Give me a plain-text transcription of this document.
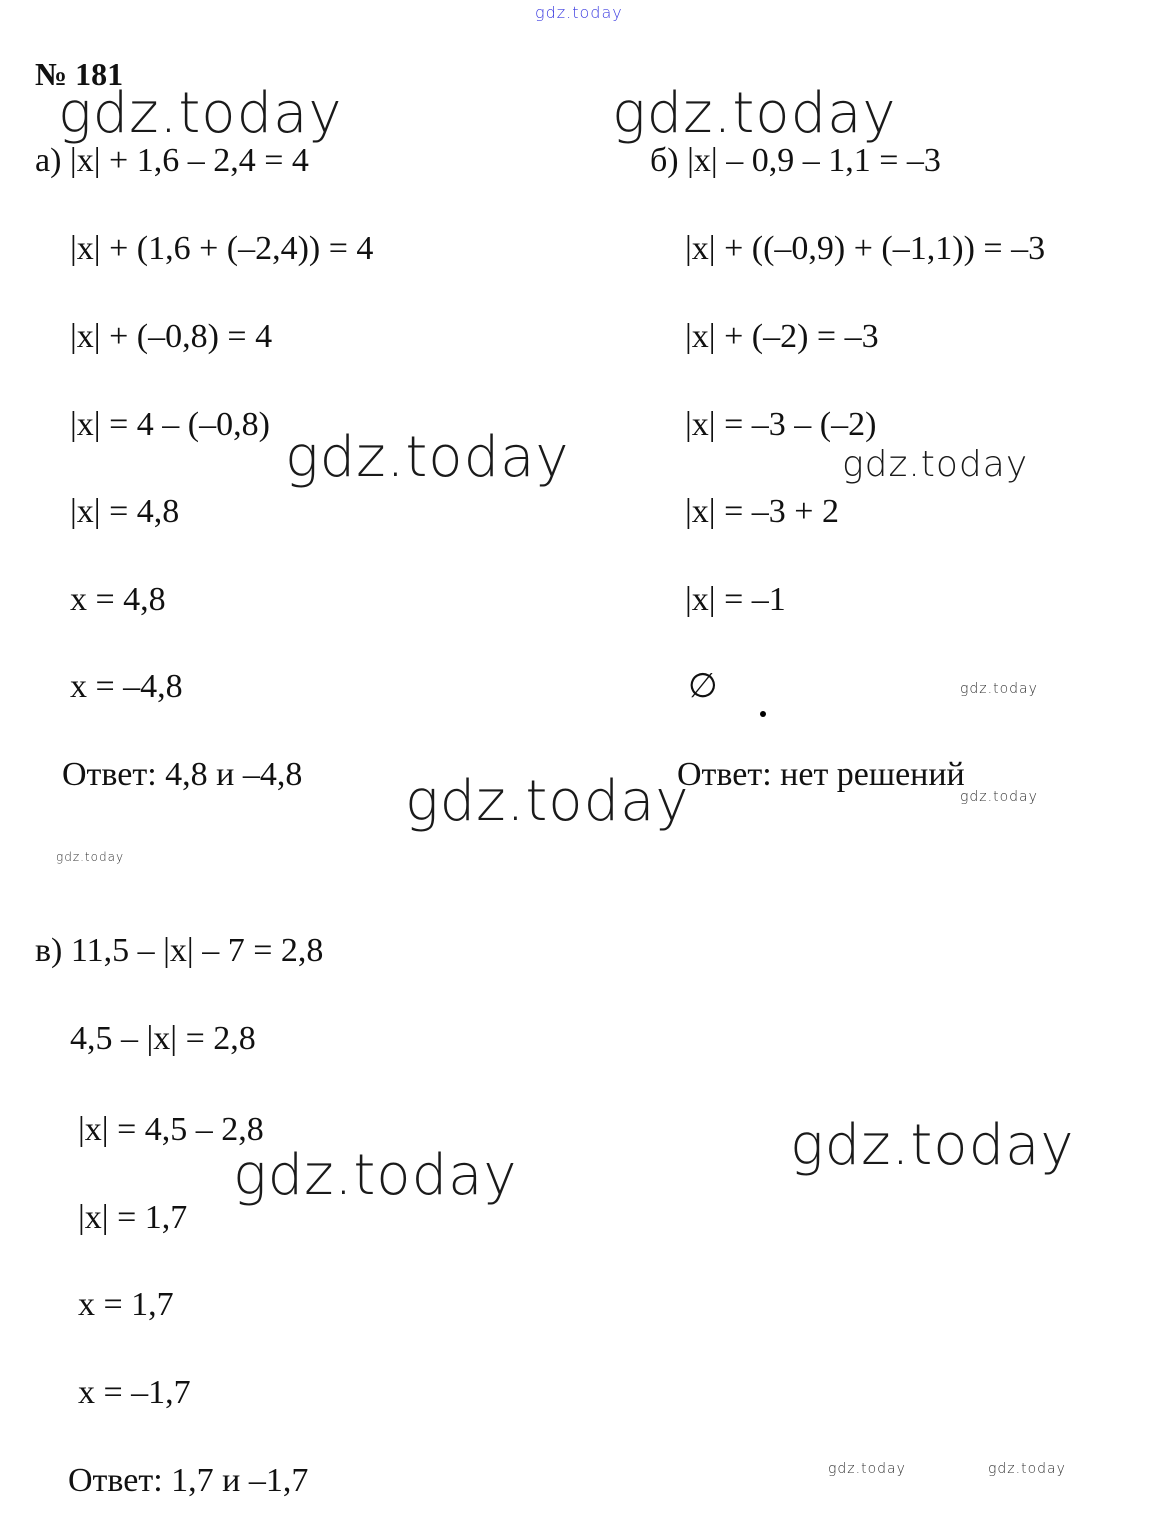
gdz.today
№ 181
а) |x| + 1,6 – 2,4 = 4
|x| + (1,6 + (–2,4)) = 4
|x| + (–0,8) = 4
|x| = 4 – (–0,8)
|x| = 4,8
x = 4,8
x = –4,8
Ответ: 4,8 и –4,8
б) |x| – 0,9 – 1,1 = –3
|x| + ((–0,9) + (–1,1)) = –3
|x| + (–2) = –3
|x| = –3 – (–2)
|x| = –3 + 2
|x| = –1
∅
Ответ: нет решений
в) 11,5 – |x| – 7 = 2,8
4,5 – |x| = 2,8
|x| = 4,5 – 2,8
|x| = 1,7
x = 1,7
x = –1,7
Ответ: 1,7 и –1,7
gdz.today	gdz.today
gdz.today	gdz.today
gdz.today
gdz.today	gdz.today
gdz.today
gdz.today
gdz.today
gdz.today	gdz.today
